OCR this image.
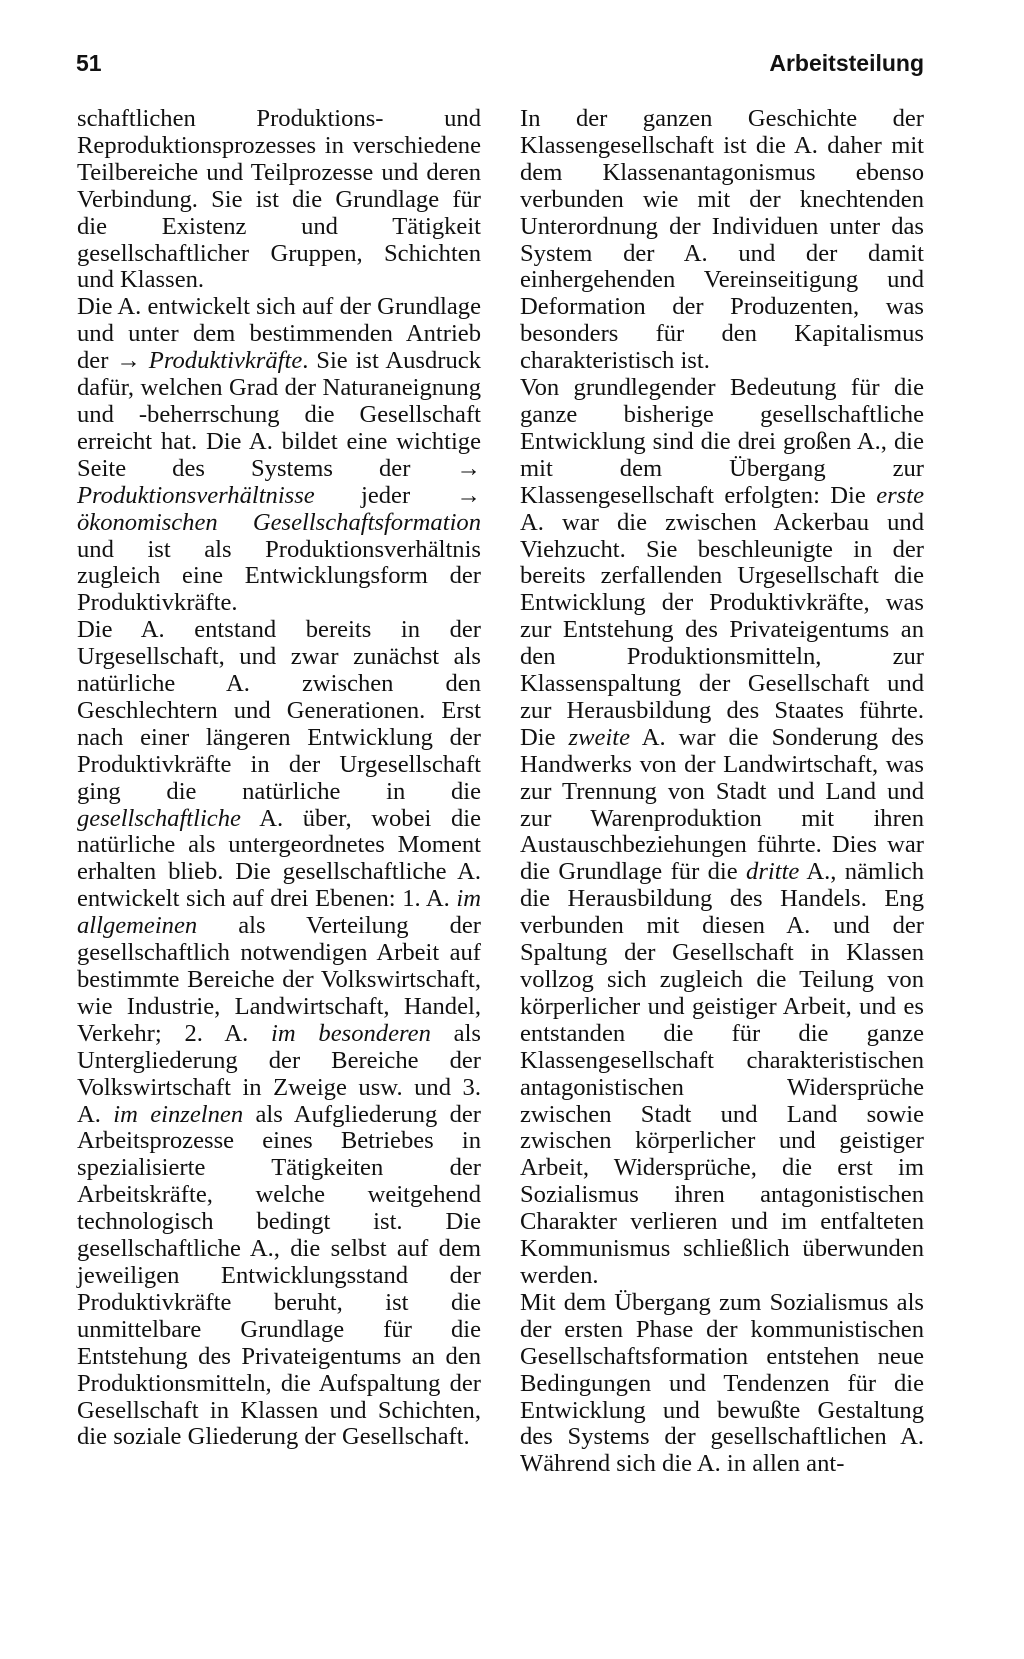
51	Arbeitsteilung

schaftlichen Produktions- und Reproduktionsprozesses in verschiedene Teilbereiche und Teilprozesse und deren Verbindung. Sie ist die Grundlage für die Existenz und Tätigkeit gesellschaftlicher Gruppen, Schichten und Klassen.

Die A. entwickelt sich auf der Grundlage und unter dem bestimmenden Antrieb der → Produktivkräfte. Sie ist Ausdruck dafür, welchen Grad der Naturaneignung und -beherrschung die Gesellschaft erreicht hat. Die A. bildet eine wichtige Seite des Systems der → Produktionsverhältnisse jeder → ökonomischen Gesellschaftsformation und ist als Produktionsverhältnis zugleich eine Entwicklungsform der Produktivkräfte.

Die A. entstand bereits in der Urgesellschaft, und zwar zunächst als natürliche A. zwischen den Geschlechtern und Generationen. Erst nach einer längeren Entwicklung der Produktivkräfte in der Urgesellschaft ging die natürliche in die gesellschaftliche A. über, wobei die natürliche als untergeordnetes Moment erhalten blieb. Die gesellschaftliche A. entwickelt sich auf drei Ebenen: 1. A. im allgemeinen als Verteilung der gesellschaftlich notwendigen Arbeit auf bestimmte Bereiche der Volkswirtschaft, wie Industrie, Landwirtschaft, Handel, Verkehr; 2. A. im besonderen als Untergliederung der Bereiche der Volkswirtschaft in Zweige usw. und 3. A. im einzelnen als Aufgliederung der Arbeitsprozesse eines Betriebes in spezialisierte Tätigkeiten der Arbeitskräfte, welche weitgehend technologisch bedingt ist. Die gesellschaftliche A., die selbst auf dem jeweiligen Entwicklungsstand der Produktivkräfte beruht, ist die unmittelbare Grundlage für die Entstehung des Privateigentums an den Produktionsmitteln, die Aufspaltung der Gesellschaft in Klassen und Schichten, die soziale Gliederung der Gesellschaft.

In der ganzen Geschichte der Klassengesellschaft ist die A. daher mit dem Klassenantagonismus ebenso verbunden wie mit der knechtenden Unterordnung der Individuen unter das System der A. und der damit einhergehenden Vereinseitigung und Deformation der Produzenten, was besonders für den Kapitalismus charakteristisch ist.

Von grundlegender Bedeutung für die ganze bisherige gesellschaftliche Entwicklung sind die drei großen A., die mit dem Übergang zur Klassengesellschaft erfolgten: Die erste A. war die zwischen Ackerbau und Viehzucht. Sie beschleunigte in der bereits zerfallenden Urgesellschaft die Entwicklung der Produktivkräfte, was zur Entstehung des Privateigentums an den Produktionsmitteln, zur Klassenspaltung der Gesellschaft und zur Herausbildung des Staates führte. Die zweite A. war die Sonderung des Handwerks von der Landwirtschaft, was zur Trennung von Stadt und Land und zur Warenproduktion mit ihren Austauschbeziehungen führte. Dies war die Grundlage für die dritte A., nämlich die Herausbildung des Handels. Eng verbunden mit diesen A. und der Spaltung der Gesellschaft in Klassen vollzog sich zugleich die Teilung von körperlicher und geistiger Arbeit, und es entstanden die für die ganze Klassengesellschaft charakteristischen antagonistischen Widersprüche zwischen Stadt und Land sowie zwischen körperlicher und geistiger Arbeit, Widersprüche, die erst im Sozialismus ihren antagonistischen Charakter verlieren und im entfalteten Kommunismus schließlich überwunden werden.

Mit dem Übergang zum Sozialismus als der ersten Phase der kommunistischen Gesellschaftsformation entstehen neue Bedingungen und Tendenzen für die Entwicklung und bewußte Gestaltung des Systems der gesellschaftlichen A. Während sich die A. in allen ant-
